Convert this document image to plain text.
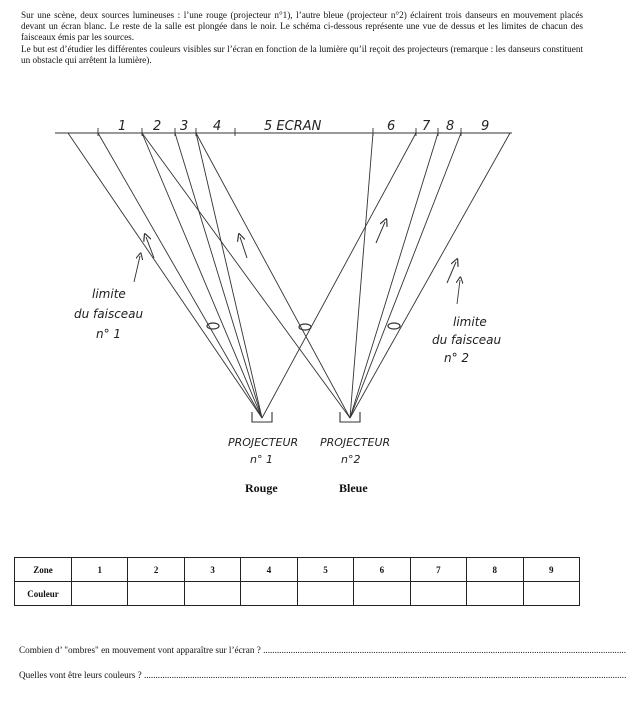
Sur une scène, deux sources lumineuses : l’une rouge (projecteur n°1), l’autre bleue (projecteur n°2) éclairent trois danseurs en mouvement placés devant un écran blanc. Le reste de la salle est plongée dans le noir. Le schéma ci-dessous représente une vue de dessus et les limites de chacun des faisceaux émis par les sources.

Le but est d’étudier les différentes couleurs visibles sur l’écran en fonction de la lumière qu’il reçoit des projecteurs (remarque : les danseurs constituent un obstacle qui arrêtent la lumière).

1 2 3 4	5 ECRAN	6 7 8 9
limite
du faisceau
n° 1
limite
du faisceau
n° 2
PROJECTEUR
n° 1
PROJECTEUR
n°2
Rouge	Bleue
Zone	1	2	3	4	5	6	7	8	9
Couleur									
Combien d’ "ombres" en mouvement vont apparaître sur l’écran ? ..............................................................................................................................................................
Quelles vont être leurs couleurs ? ..................................................................................................................................................................................................................
